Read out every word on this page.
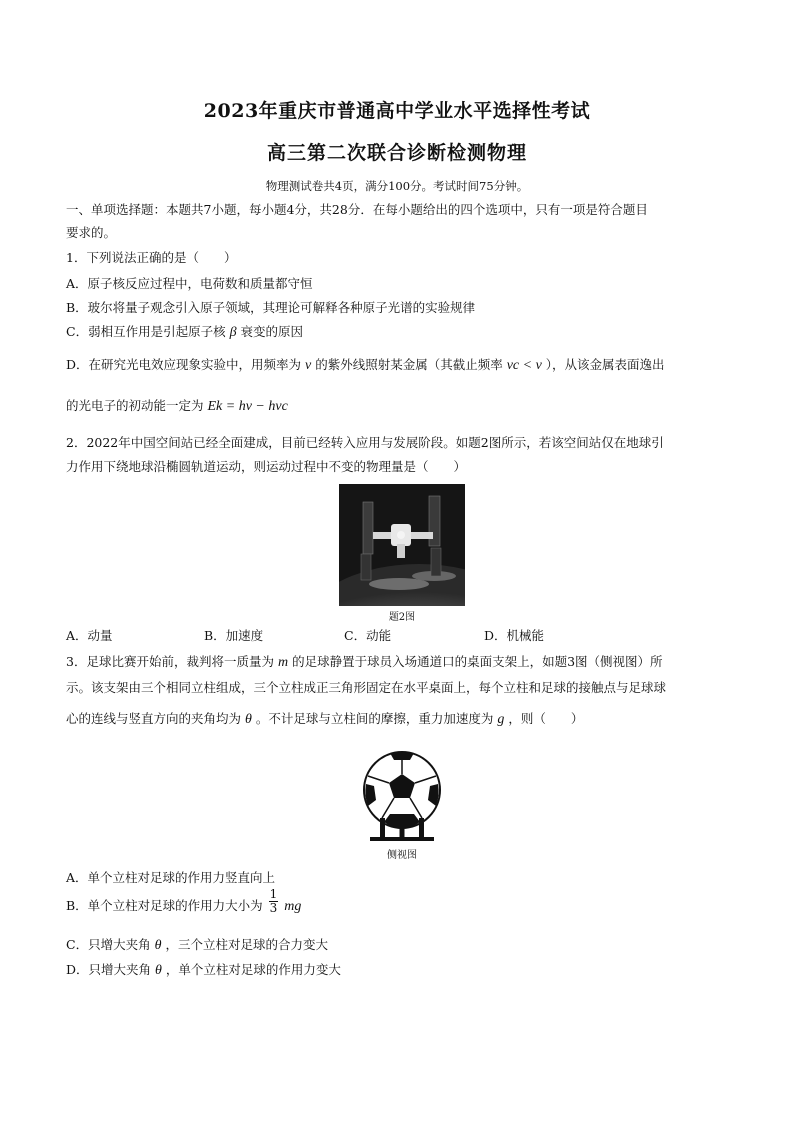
2023年重庆市普通高中学业水平选择性考试
高三第二次联合诊断检测物理
物理测试卷共4页，满分100分。考试时间75分钟。
一、单项选择题：本题共7小题，每小题4分，共28分．在每小题给出的四个选项中，只有一项是符合题目
要求的。
1．下列说法正确的是（　　）
A．原子核反应过程中，电荷数和质量都守恒
B．玻尔将量子观念引入原子领域，其理论可解释各种原子光谱的实验规律
C．弱相互作用是引起原子核 β 衰变的原因
D．在研究光电效应现象实验中，用频率为 ν 的紫外线照射某金属（其截止频率 νc < ν ），从该金属表面逸出
的光电子的初动能一定为 Ek = hν − hνc
2．2022年中国空间站已经全面建成，目前已经转入应用与发展阶段。如题2图所示，若该空间站仅在地球引
力作用下绕地球沿椭圆轨道运动，则运动过程中不变的物理量是（　　）
题2图
A．动量	B．加速度	C．动能	D．机械能
3．足球比赛开始前，裁判将一质量为 m 的足球静置于球员入场通道口的桌面支架上，如题3图（侧视图）所
示。该支架由三个相同立柱组成，三个立柱成正三角形固定在水平桌面上，每个立柱和足球的接触点与足球球
心的连线与竖直方向的夹角均为 θ 。不计足球与立柱间的摩擦，重力加速度为 g ，则（　　）
侧视图
A．单个立柱对足球的作用力竖直向上
B．单个立柱对足球的作用力大小为 $\frac{1}{3}$ mg
C．只增大夹角 θ ，三个立柱对足球的合力变大
D．只增大夹角 θ ，单个立柱对足球的作用力变大
